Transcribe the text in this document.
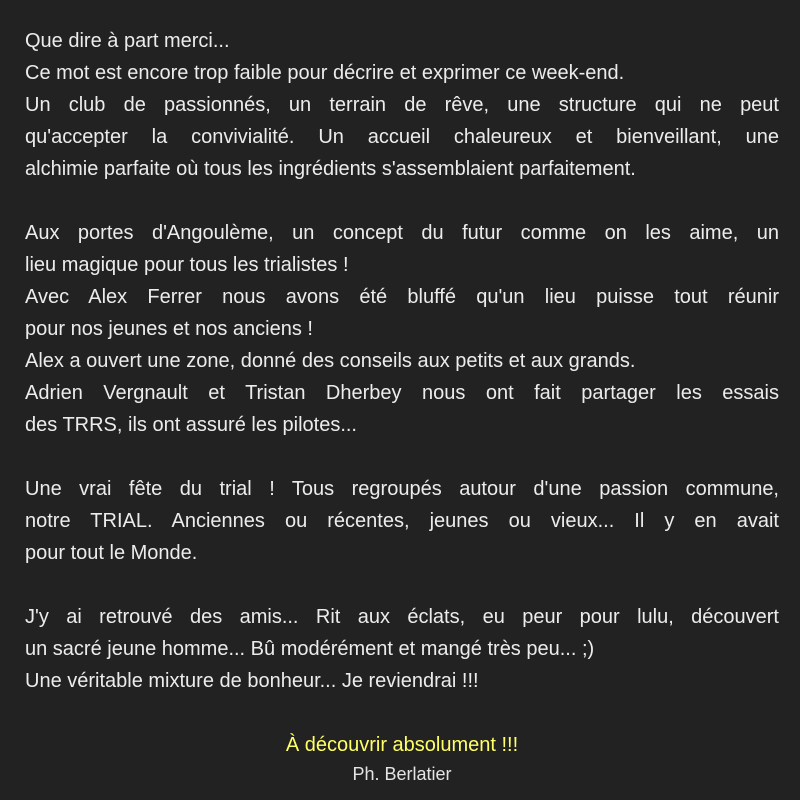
Que dire à part merci...
Ce mot est encore trop faible pour décrire et exprimer ce week-end.
Un club de passionnés, un terrain de rêve, une structure qui ne peut
qu'accepter la convivialité. Un accueil chaleureux et bienveillant, une
alchimie parfaite où tous les ingrédients s'assemblaient parfaitement.
Aux portes d'Angoulème, un concept du futur comme on les aime, un
lieu magique pour tous les trialistes !
Avec Alex Ferrer nous avons été bluffé qu'un lieu puisse tout réunir
pour nos jeunes et nos anciens !
Alex a ouvert une zone, donné des conseils aux petits et aux grands.
Adrien Vergnault et Tristan Dherbey nous ont fait partager les essais
des TRRS, ils ont assuré les pilotes...
Une vrai fête du trial ! Tous regroupés autour d'une passion commune,
notre TRIAL. Anciennes ou récentes, jeunes ou vieux... Il y en avait
pour tout le Monde.
J'y ai retrouvé des amis... Rit aux éclats, eu peur pour lulu, découvert
un sacré jeune homme... Bû modérément et mangé très peu... ;)
Une véritable mixture de bonheur... Je reviendrai !!!
À découvrir absolument !!!
Ph. Berlatier
